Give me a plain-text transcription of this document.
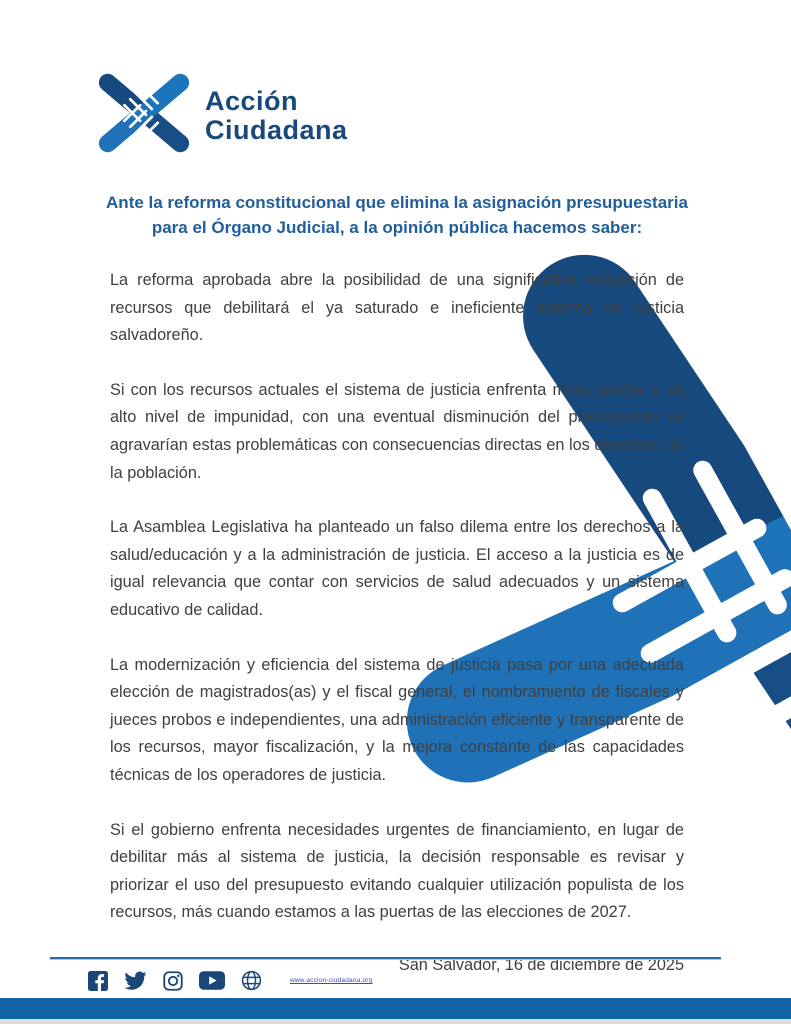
Acción
Ciudadana
Ante la reforma constitucional que elimina la asignación presupuestaria para el Órgano Judicial, a la opinión pública hacemos saber:

La reforma aprobada abre la posibilidad de una significativa reducción de recursos que debilitará el ya saturado e ineficiente sistema de justicia salvadoreño.

Si con los recursos actuales el sistema de justicia enfrenta mora judicial y un alto nivel de impunidad, con una eventual disminución del presupuesto se agravarían estas problemáticas con consecuencias directas en los derechos de la población.

La Asamblea Legislativa ha planteado un falso dilema entre los derechos a la salud/educación y a la administración de justicia. El acceso a la justicia es de igual relevancia que contar con servicios de salud adecuados y un sistema educativo de calidad.

La modernización y eficiencia del sistema de justicia pasa por una adecuada elección de magistrados(as) y el fiscal general, el nombramiento de fiscales y jueces probos e independientes, una administración eficiente y transparente de los recursos, mayor fiscalización, y la mejora constante de las capacidades técnicas de los operadores de justicia.

Si el gobierno enfrenta necesidades urgentes de financiamiento, en lugar de debilitar más al sistema de justicia, la decisión responsable es revisar y priorizar el uso del presupuesto evitando cualquier utilización populista de los recursos, más cuando estamos a las puertas de las elecciones de 2027.

San Salvador, 16 de diciembre de 2025

www.accion-ciudadana.org
